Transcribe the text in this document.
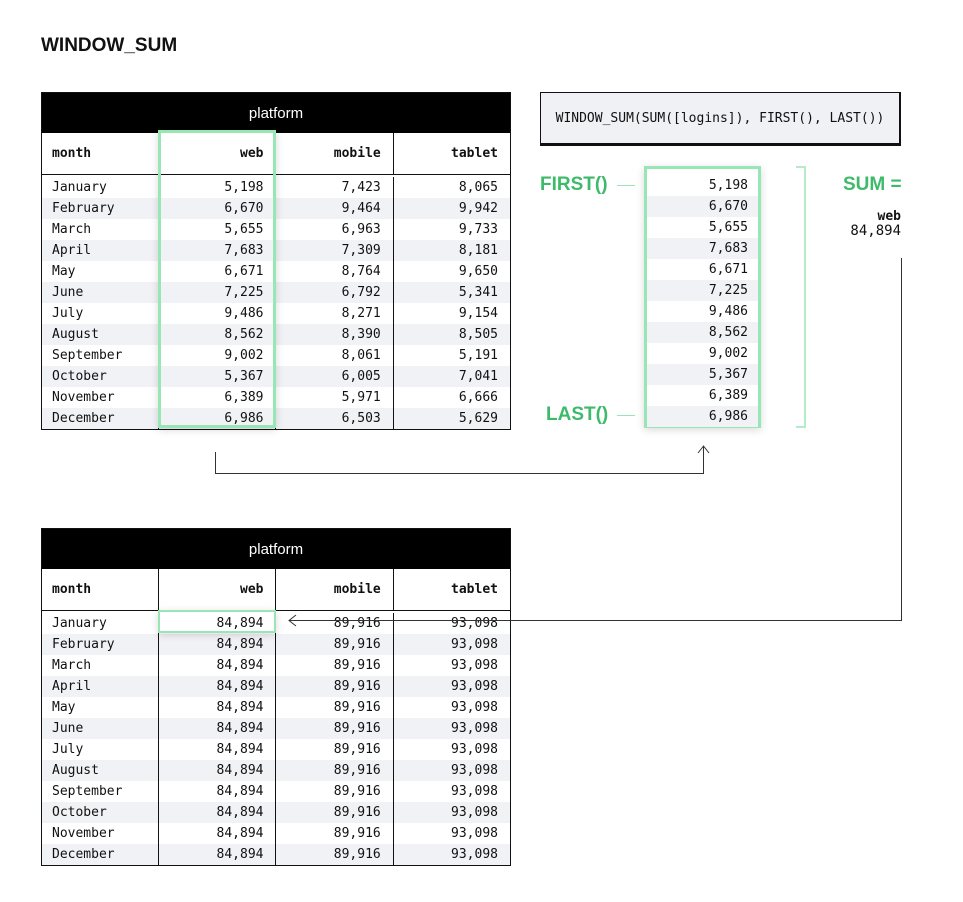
WINDOW_SUM
platform
month	web	mobile	tablet
January	5,198	7,423	8,065
February	6,670	9,464	9,942
March	5,655	6,963	9,733
April	7,683	7,309	8,181
May	6,671	8,764	9,650
June	7,225	6,792	5,341
July	9,486	8,271	9,154
August	8,562	8,390	8,505
September	9,002	8,061	5,191
October	5,367	6,005	7,041
November	6,389	5,971	6,666
December	6,986	6,503	5,629
WINDOW_SUM(SUM([logins]), FIRST(), LAST())
FIRST()
LAST()
5,198
6,670
5,655
7,683
6,671
7,225
9,486
8,562
9,002
5,367
6,389
6,986
SUM =
web
84,894
platform
month	web	mobile	tablet
January	84,894	89,916	93,098
February	84,894	89,916	93,098
March	84,894	89,916	93,098
April	84,894	89,916	93,098
May	84,894	89,916	93,098
June	84,894	89,916	93,098
July	84,894	89,916	93,098
August	84,894	89,916	93,098
September	84,894	89,916	93,098
October	84,894	89,916	93,098
November	84,894	89,916	93,098
December	84,894	89,916	93,098
